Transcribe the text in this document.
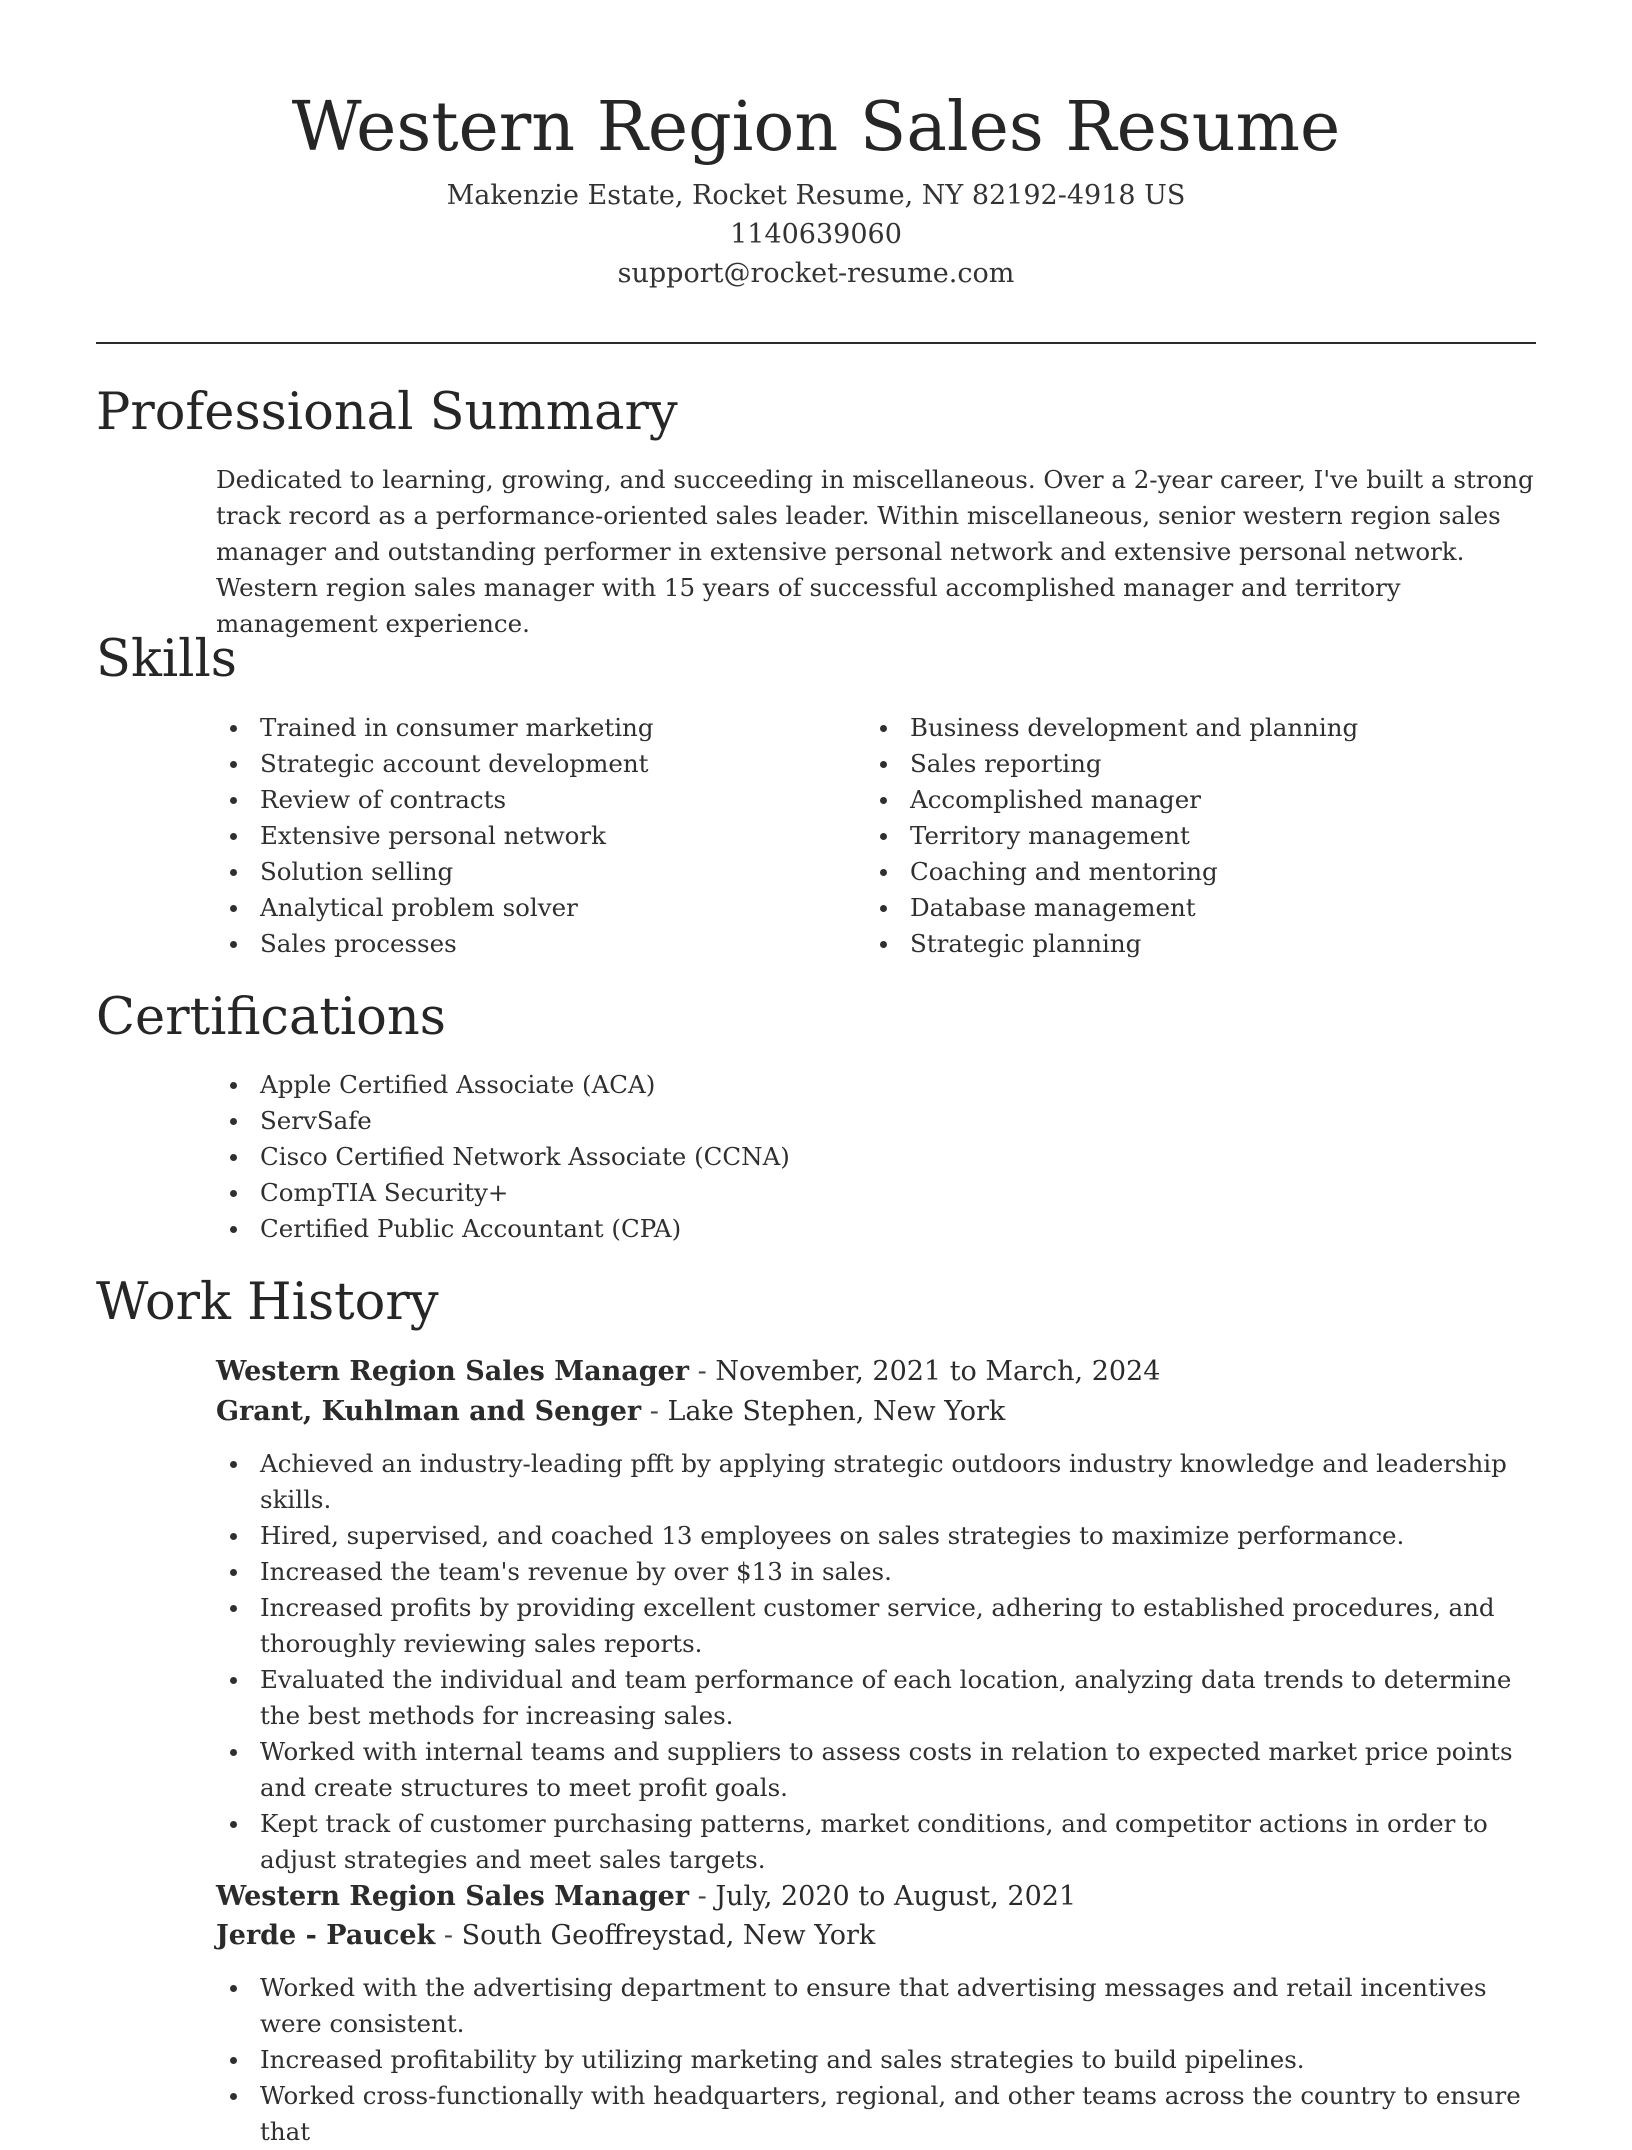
Western Region Sales Resume
Makenzie Estate, Rocket Resume, NY 82192-4918 US
1140639060
support@rocket-resume.com
Professional Summary

Dedicated to learning, growing, and succeeding in miscellaneous. Over a 2-year career, I've built a strong track record as a performance-oriented sales leader. Within miscellaneous, senior western region sales manager and outstanding performer in extensive personal network and extensive personal network. Western region sales manager with 15 years of successful accomplished manager and territory management experience.

Skills
Trained in consumer marketing
Strategic account development
Review of contracts
Extensive personal network
Solution selling
Analytical problem solver
Sales processes
Business development and planning
Sales reporting
Accomplished manager
Territory management
Coaching and mentoring
Database management
Strategic planning
Certifications
Apple Certified Associate (ACA)
ServSafe
Cisco Certified Network Associate (CCNA)
CompTIA Security+
Certified Public Accountant (CPA)
Work History
Western Region Sales Manager - November, 2021 to March, 2024
Grant, Kuhlman and Senger - Lake Stephen, New York
Achieved an industry-leading pfft by applying strategic outdoors industry knowledge and leadership skills.
Hired, supervised, and coached 13 employees on sales strategies to maximize performance.
Increased the team's revenue by over $13 in sales.
Increased profits by providing excellent customer service, adhering to established procedures, and thoroughly reviewing sales reports.
Evaluated the individual and team performance of each location, analyzing data trends to determine the best methods for increasing sales.
Worked with internal teams and suppliers to assess costs in relation to expected market price points and create structures to meet profit goals.
Kept track of customer purchasing patterns, market conditions, and competitor actions in order to adjust strategies and meet sales targets.
Western Region Sales Manager - July, 2020 to August, 2021
Jerde - Paucek - South Geoffreystad, New York
Worked with the advertising department to ensure that advertising messages and retail incentives were consistent.
Increased profitability by utilizing marketing and sales strategies to build pipelines.
Worked cross-functionally with headquarters, regional, and other teams across the country to ensure that
